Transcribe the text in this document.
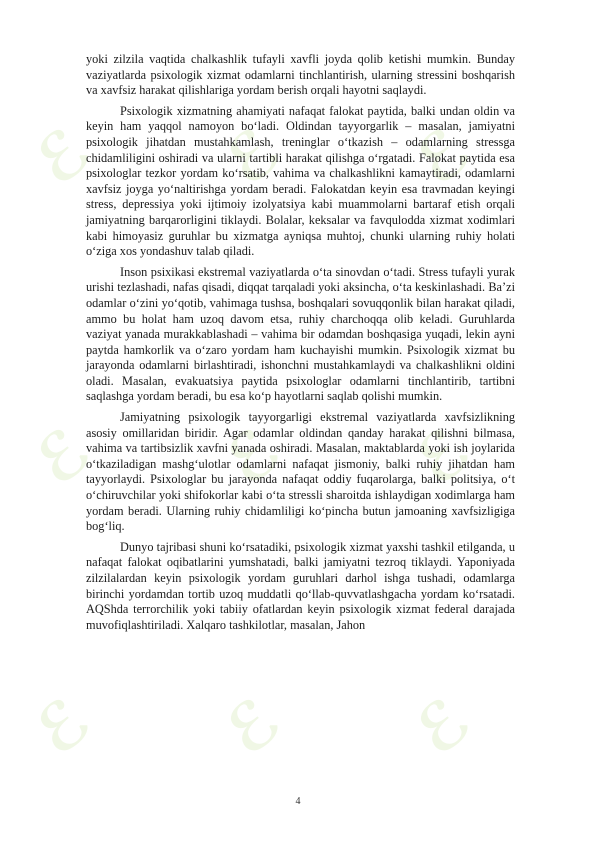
ℰ ℰ ℰ
ℰ ℰ ℰ
ℰ ℰ ℰ

yoki zilzila vaqtida chalkashlik tufayli xavfli joyda qolib ketishi mumkin. Bunday vaziyatlarda psixologik xizmat odamlarni tinchlantirish, ularning stressini boshqarish va xavfsiz harakat qilishlariga yordam berish orqali hayotni saqlaydi.

Psixologik xizmatning ahamiyati nafaqat falokat paytida, balki undan oldin va keyin ham yaqqol namoyon bo‘ladi. Oldindan tayyorgarlik – masalan, jamiyatni psixologik jihatdan mustahkamlash, treninglar o‘tkazish – odamlarning stressga chidamliligini oshiradi va ularni tartibli harakat qilishga o‘rgatadi. Falokat paytida esa psixologlar tezkor yordam ko‘rsatib, vahima va chalkashlikni kamaytiradi, odamlarni xavfsiz joyga yo‘naltirishga yordam beradi. Falokatdan keyin esa travmadan keyingi stress, depressiya yoki ijtimoiy izolyatsiya kabi muammolarni bartaraf etish orqali jamiyatning barqarorligini tiklaydi. Bolalar, keksalar va favqulodda xizmat xodimlari kabi himoyasiz guruhlar bu xizmatga ayniqsa muhtoj, chunki ularning ruhiy holati o‘ziga xos yondashuv talab qiladi.

Inson psixikasi ekstremal vaziyatlarda o‘ta sinovdan o‘tadi. Stress tufayli yurak urishi tezlashadi, nafas qisadi, diqqat tarqaladi yoki aksincha, o‘ta keskinlashadi. Ba’zi odamlar o‘zini yo‘qotib, vahimaga tushsa, boshqalari sovuqqonlik bilan harakat qiladi, ammo bu holat ham uzoq davom etsa, ruhiy charchoqqa olib keladi. Guruhlarda vaziyat yanada murakkablashadi – vahima bir odamdan boshqasiga yuqadi, lekin ayni paytda hamkorlik va o‘zaro yordam ham kuchayishi mumkin. Psixologik xizmat bu jarayonda odamlarni birlashtiradi, ishonchni mustahkamlaydi va chalkashlikni oldini oladi. Masalan, evakuatsiya paytida psixologlar odamlarni tinchlantirib, tartibni saqlashga yordam beradi, bu esa ko‘p hayotlarni saqlab qolishi mumkin.

Jamiyatning psixologik tayyorgarligi ekstremal vaziyatlarda xavfsizlikning asosiy omillaridan biridir. Agar odamlar oldindan qanday harakat qilishni bilmasa, vahima va tartibsizlik xavfni yanada oshiradi. Masalan, maktablarda yoki ish joylarida o‘tkaziladigan mashg‘ulotlar odamlarni nafaqat jismoniy, balki ruhiy jihatdan ham tayyorlaydi. Psixologlar bu jarayonda nafaqat oddiy fuqarolarga, balki politsiya, o‘t o‘chiruvchilar yoki shifokorlar kabi o‘ta stressli sharoitda ishlaydigan xodimlarga ham yordam beradi. Ularning ruhiy chidamliligi ko‘pincha butun jamoaning xavfsizligiga bog‘liq.

Dunyo tajribasi shuni ko‘rsatadiki, psixologik xizmat yaxshi tashkil etilganda, u nafaqat falokat oqibatlarini yumshatadi, balki jamiyatni tezroq tiklaydi. Yaponiyada zilzilalardan keyin psixologik yordam guruhlari darhol ishga tushadi, odamlarga birinchi yordamdan tortib uzoq muddatli qo‘llab-quvvatlashgacha yordam ko‘rsatadi. AQShda terrorchilik yoki tabiiy ofatlardan keyin psixologik xizmat federal darajada muvofiqlashtiriladi. Xalqaro tashkilotlar, masalan, Jahon

4
